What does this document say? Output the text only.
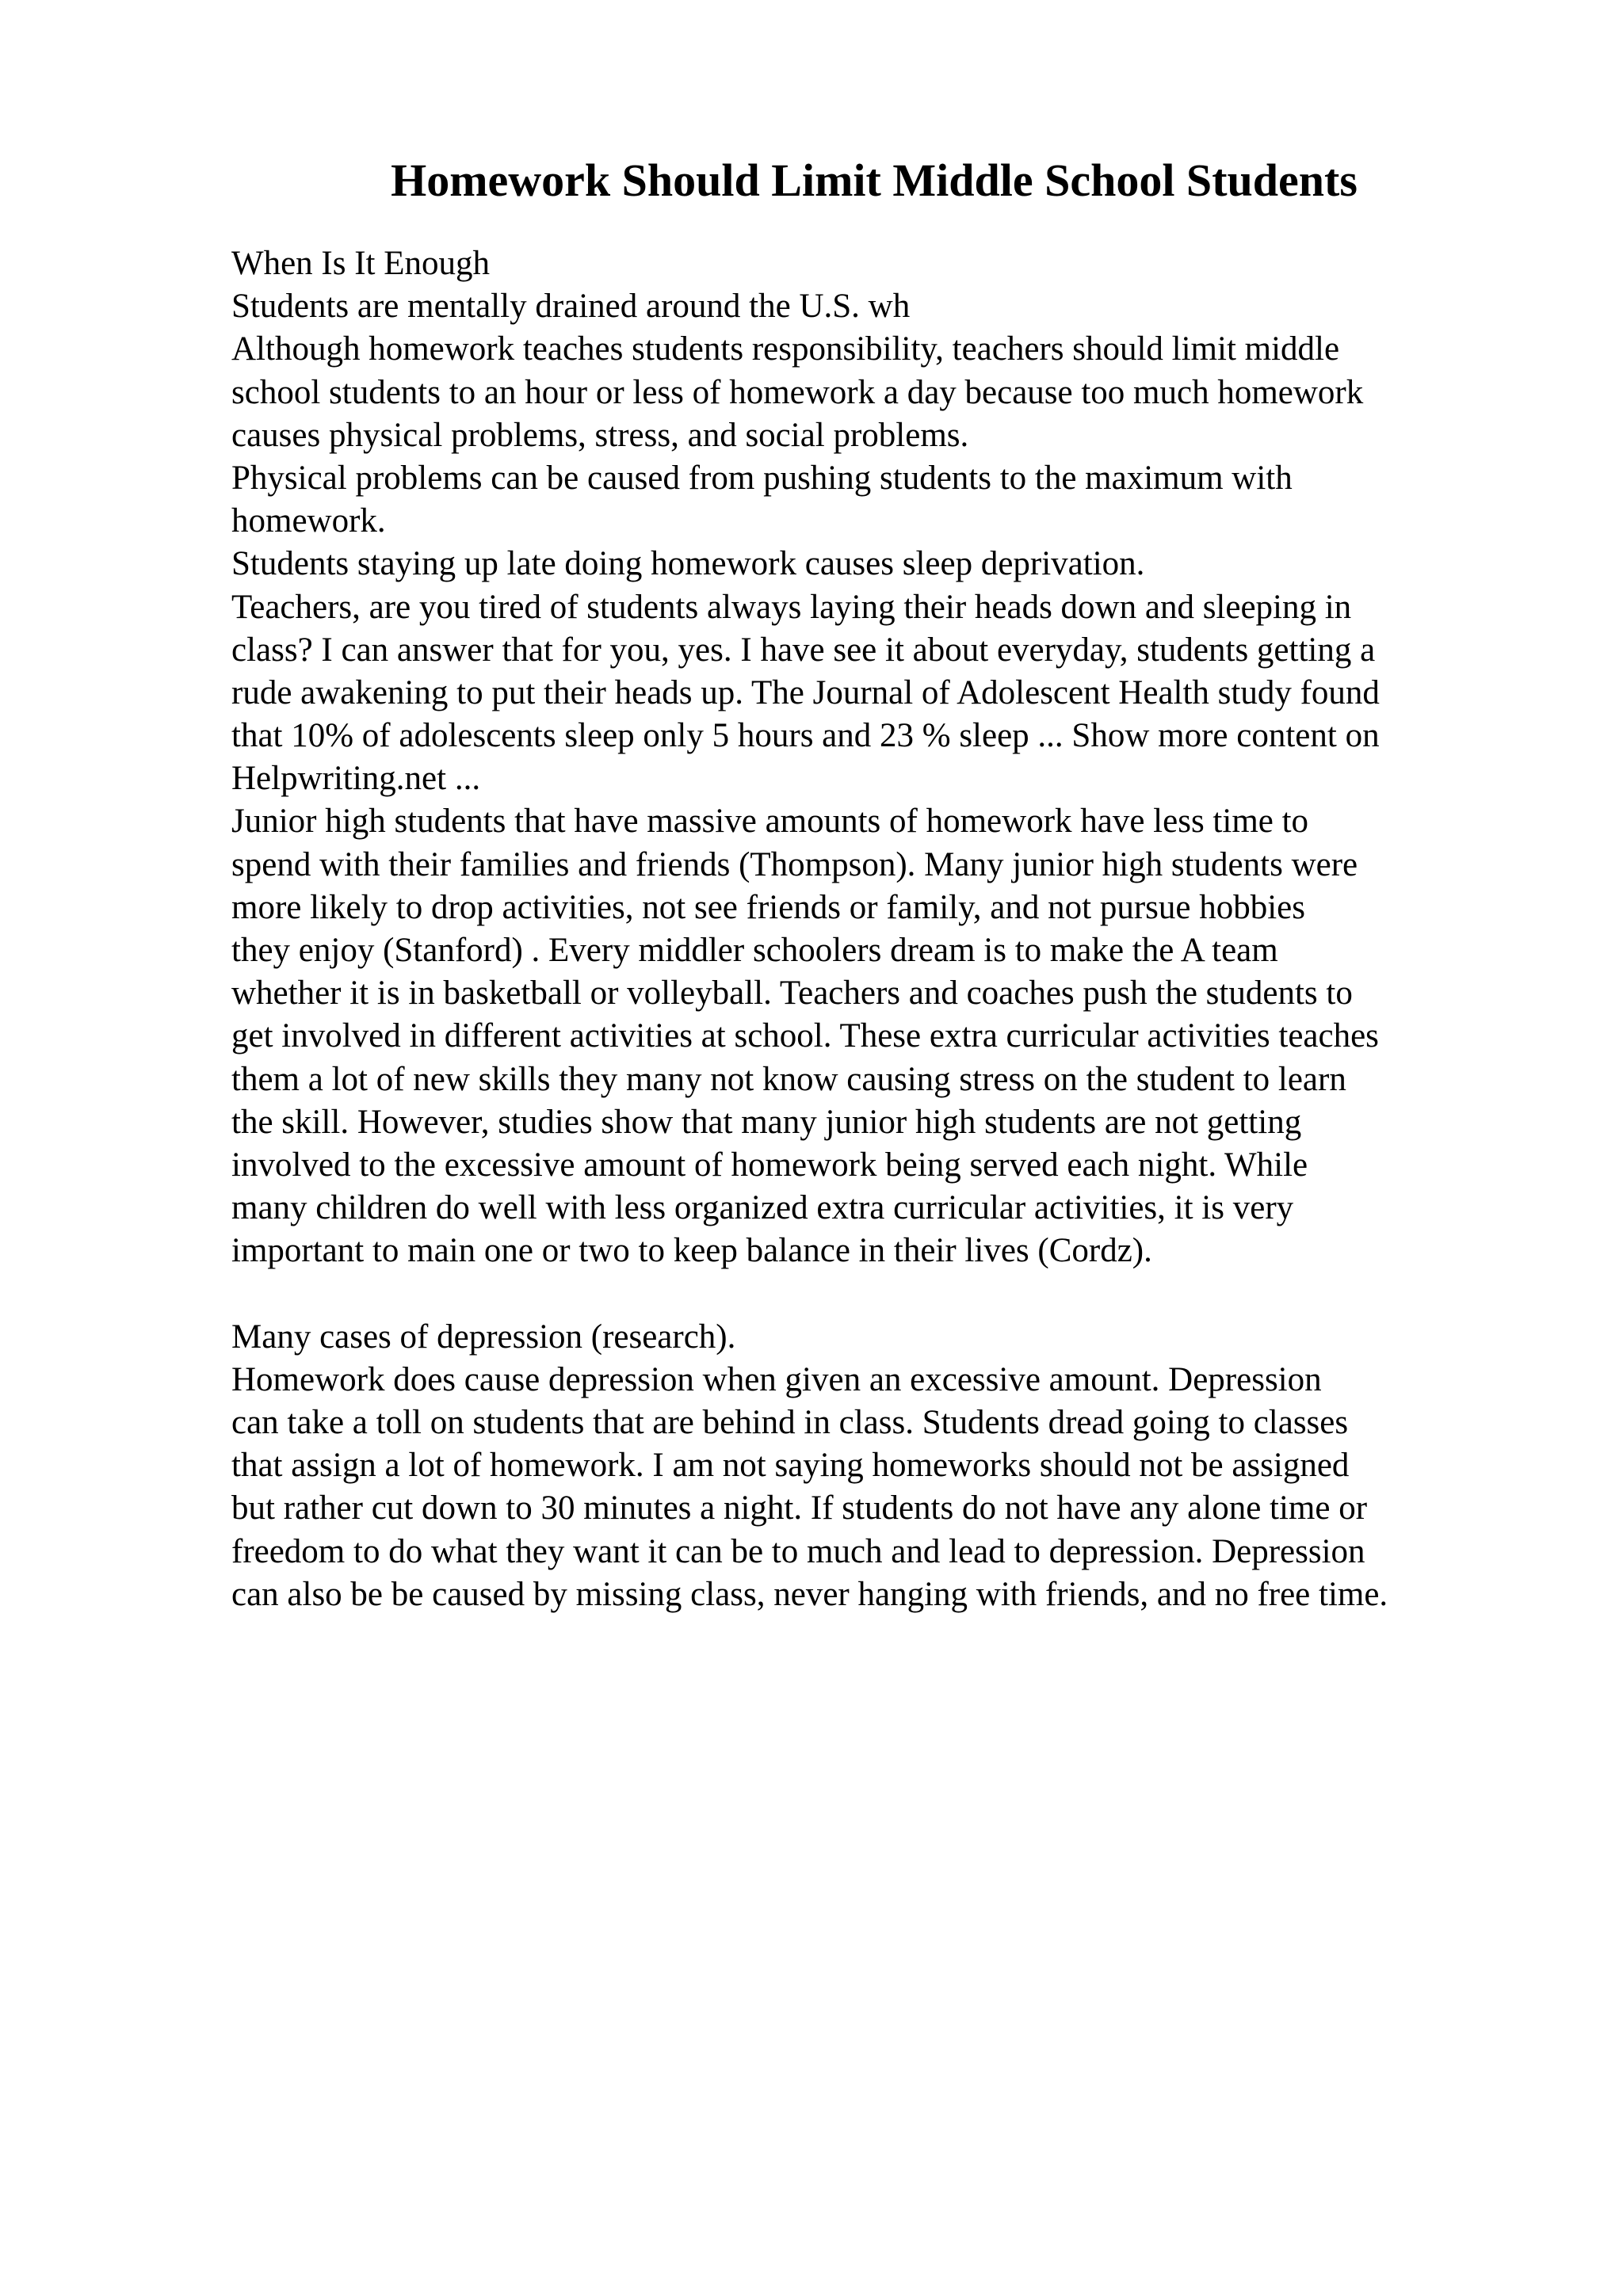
Homework Should Limit Middle School Students
When Is It Enough
Students are mentally drained around the U.S. wh
Although homework teaches students responsibility, teachers should limit middle
school students to an hour or less of homework a day because too much homework
causes physical problems, stress, and social problems.
Physical problems can be caused from pushing students to the maximum with
homework.
Students staying up late doing homework causes sleep deprivation.
Teachers, are you tired of students always laying their heads down and sleeping in
class? I can answer that for you, yes. I have see it about everyday, students getting a
rude awakening to put their heads up. The Journal of Adolescent Health study found
that 10% of adolescents sleep only 5 hours and 23 % sleep ... Show more content on
Helpwriting.net ...
Junior high students that have massive amounts of homework have less time to
spend with their families and friends (Thompson). Many junior high students were
more likely to drop activities, not see friends or family, and not pursue hobbies
they enjoy (Stanford) . Every middler schoolers dream is to make the A team
whether it is in basketball or volleyball. Teachers and coaches push the students to
get involved in different activities at school. These extra curricular activities teaches
them a lot of new skills they many not know causing stress on the student to learn
the skill. However, studies show that many junior high students are not getting
involved to the excessive amount of homework being served each night. While
many children do well with less organized extra curricular activities, it is very
important to main one or two to keep balance in their lives (Cordz).
Many cases of depression (research).
Homework does cause depression when given an excessive amount. Depression
can take a toll on students that are behind in class. Students dread going to classes
that assign a lot of homework. I am not saying homeworks should not be assigned
but rather cut down to 30 minutes a night. If students do not have any alone time or
freedom to do what they want it can be to much and lead to depression. Depression
can also be be caused by missing class, never hanging with friends, and no free time.
